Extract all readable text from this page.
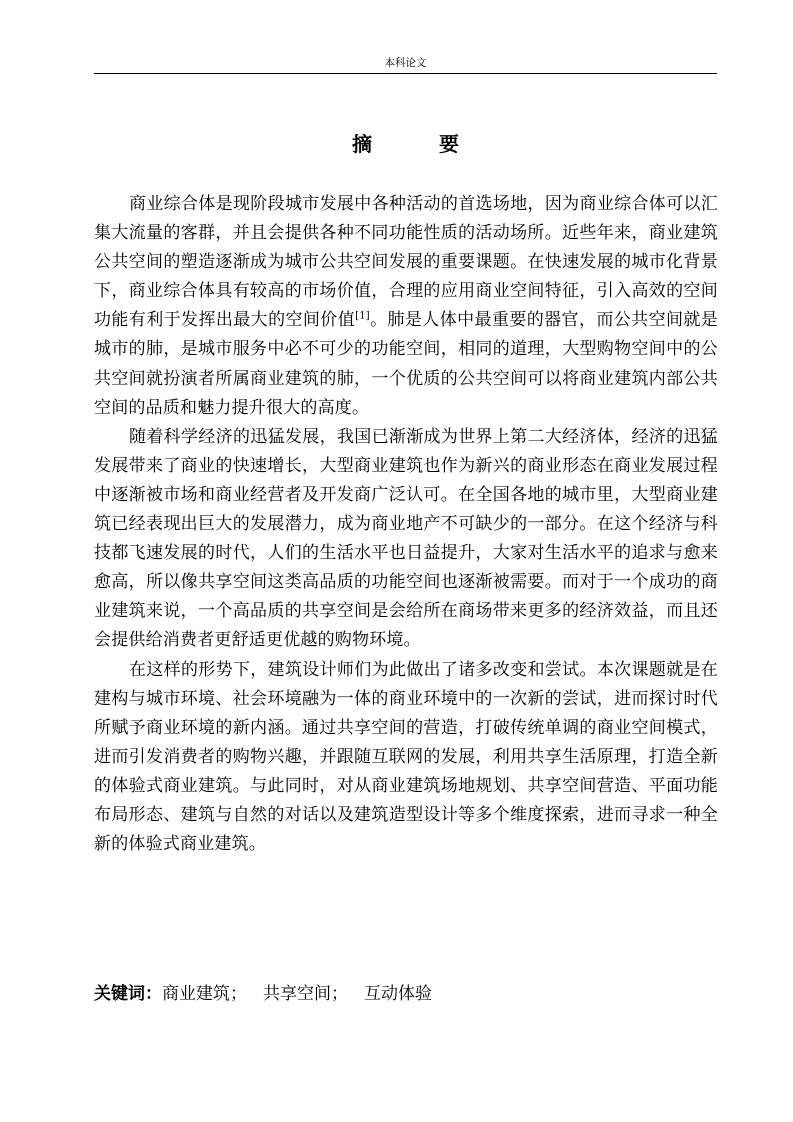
本科论文
摘 要

商业综合体是现阶段城市发展中各种活动的首选场地，因为商业综合体可以汇集大流量的客群，并且会提供各种不同功能性质的活动场所。近些年来，商业建筑公共空间的塑造逐渐成为城市公共空间发展的重要课题。在快速发展的城市化背景下，商业综合体具有较高的市场价值，合理的应用商业空间特征，引入高效的空间功能有利于发挥出最大的空间价值[1]。肺是人体中最重要的器官，而公共空间就是城市的肺，是城市服务中必不可少的功能空间，相同的道理，大型购物空间中的公共空间就扮演者所属商业建筑的肺，一个优质的公共空间可以将商业建筑内部公共空间的品质和魅力提升很大的高度。

随着科学经济的迅猛发展，我国已渐渐成为世界上第二大经济体，经济的迅猛发展带来了商业的快速增长，大型商业建筑也作为新兴的商业形态在商业发展过程中逐渐被市场和商业经营者及开发商广泛认可。在全国各地的城市里，大型商业建筑已经表现出巨大的发展潜力，成为商业地产不可缺少的一部分。在这个经济与科技都飞速发展的时代，人们的生活水平也日益提升，大家对生活水平的追求与愈来愈高，所以像共享空间这类高品质的功能空间也逐渐被需要。而对于一个成功的商业建筑来说，一个高品质的共享空间是会给所在商场带来更多的经济效益，而且还会提供给消费者更舒适更优越的购物环境。

在这样的形势下，建筑设计师们为此做出了诸多改变和尝试。本次课题就是在建构与城市环境、社会环境融为一体的商业环境中的一次新的尝试，进而探讨时代所赋予商业环境的新内涵。通过共享空间的营造，打破传统单调的商业空间模式，进而引发消费者的购物兴趣，并跟随互联网的发展，利用共享生活原理，打造全新的体验式商业建筑。与此同时，对从商业建筑场地规划、共享空间营造、平面功能布局形态、建筑与自然的对话以及建筑造型设计等多个维度探索，进而寻求一种全新的体验式商业建筑。

关键词：商业建筑； 共享空间； 互动体验
